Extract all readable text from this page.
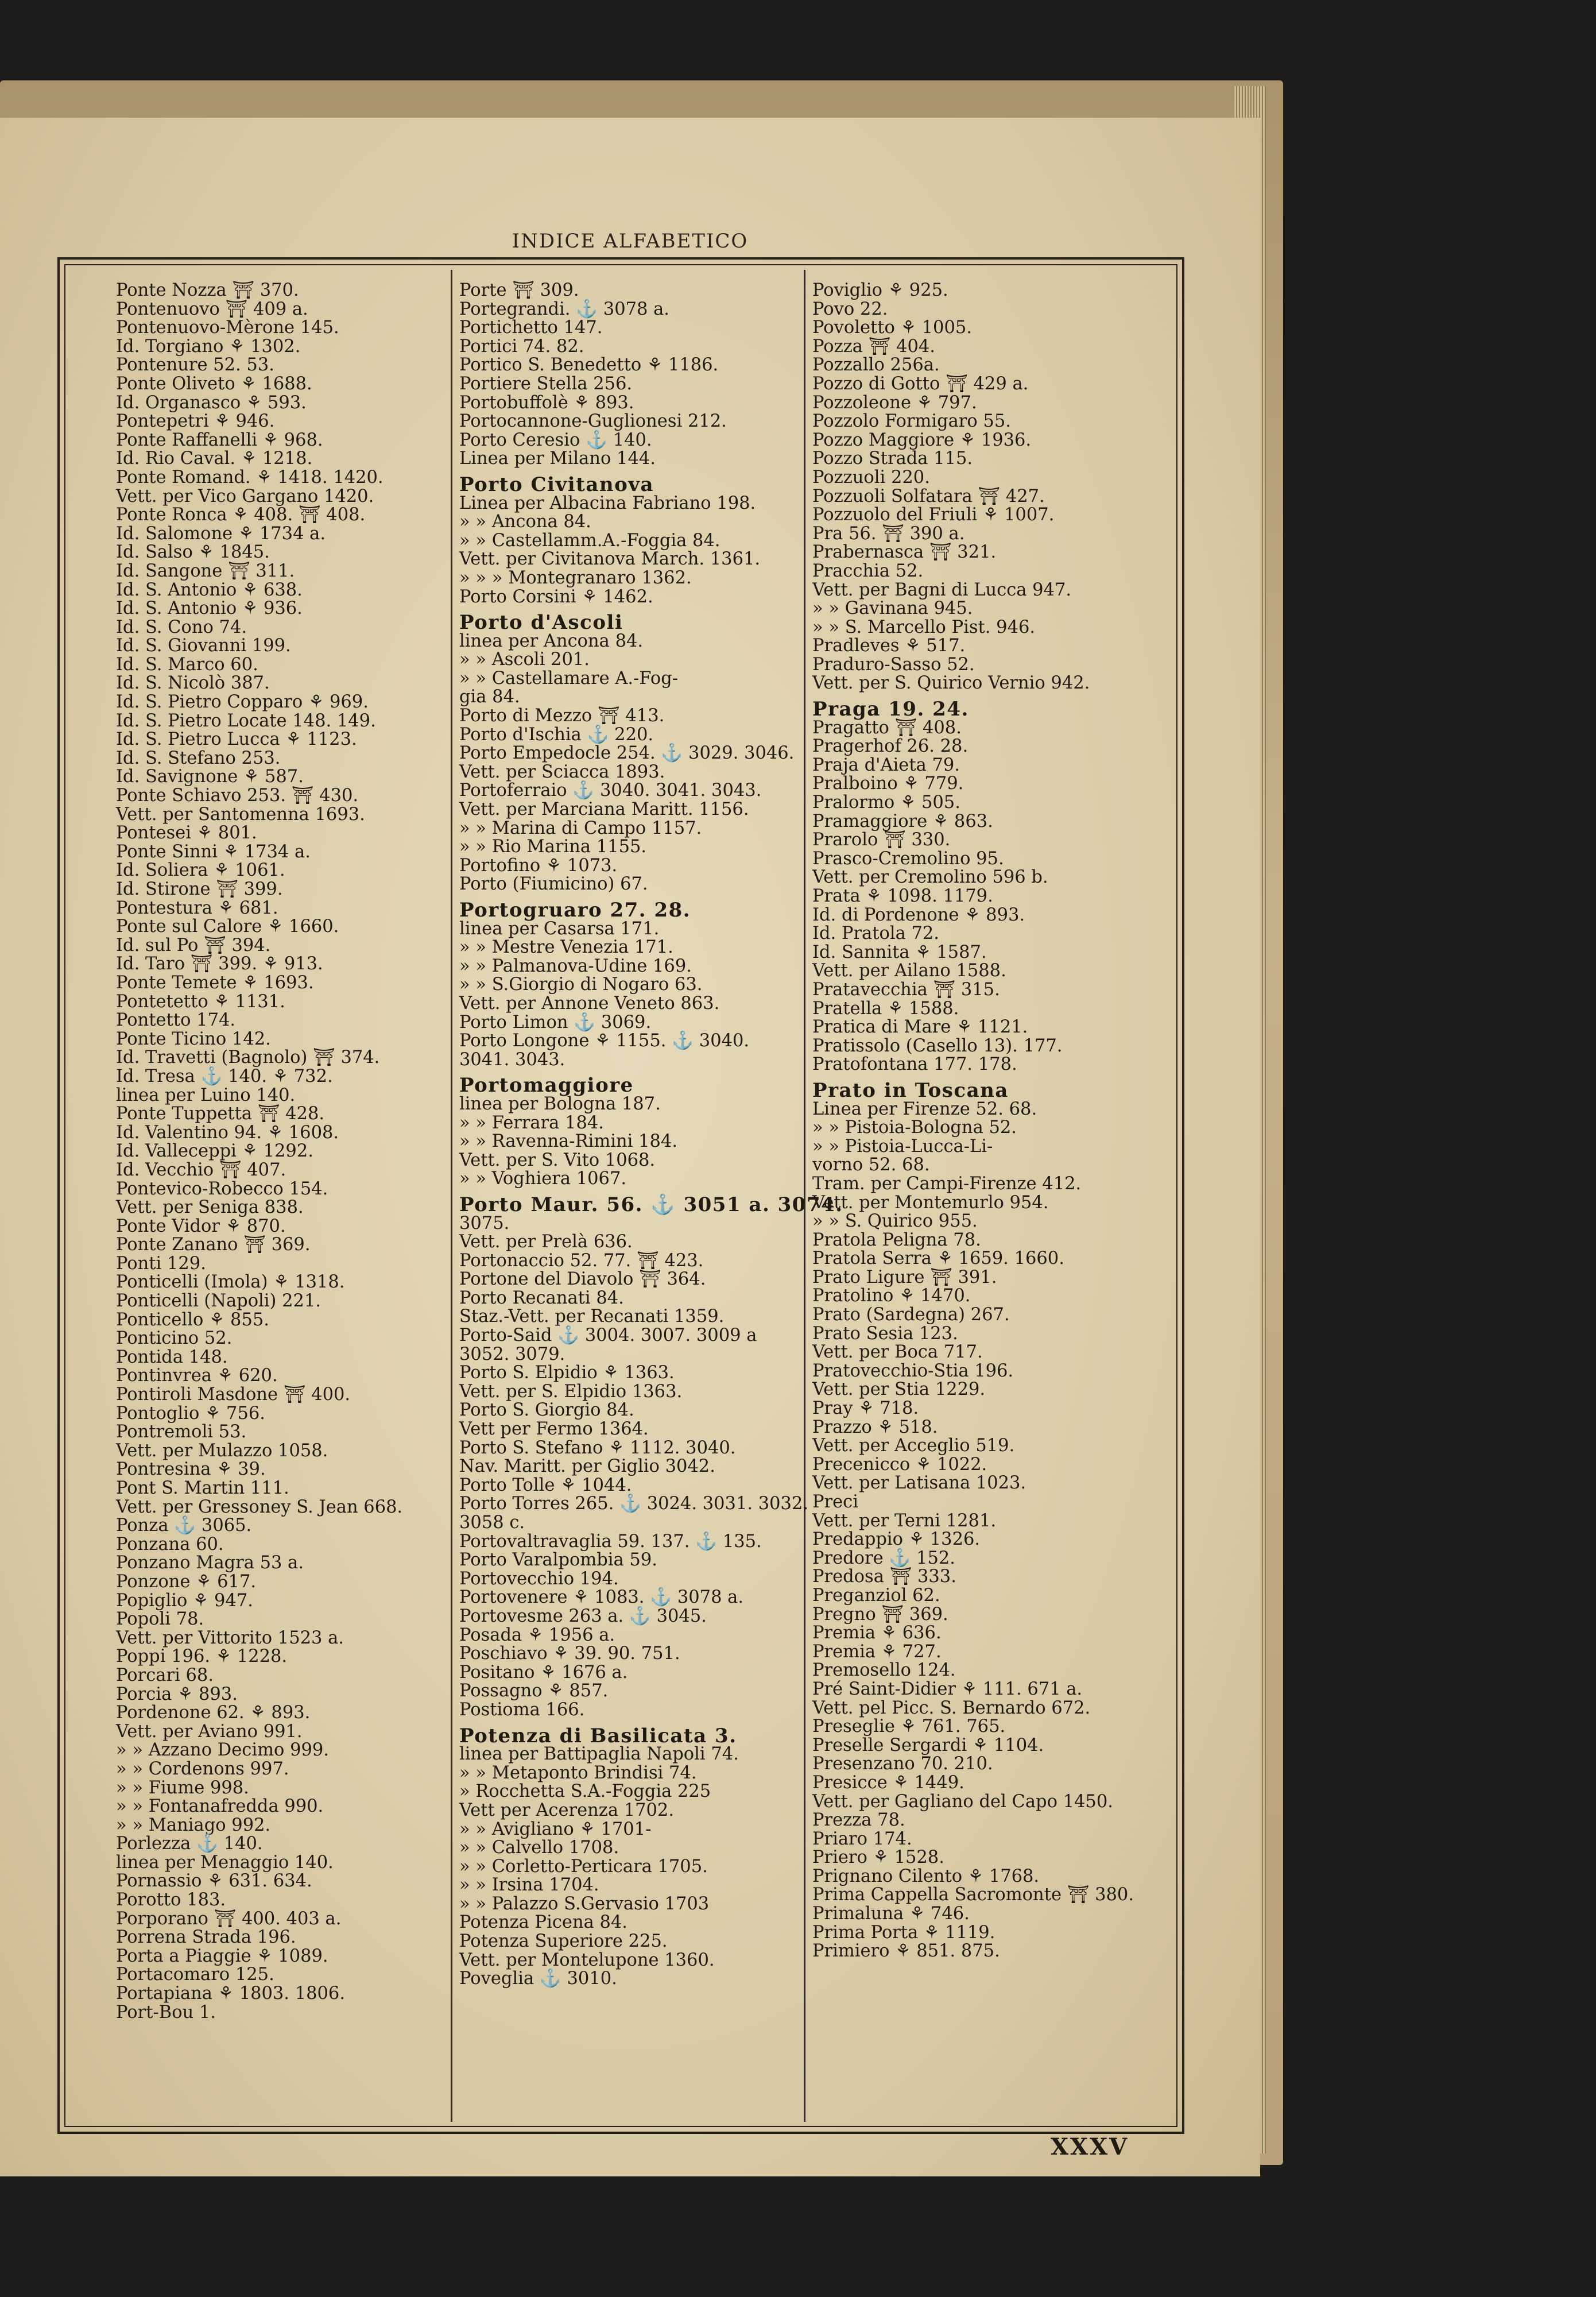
INDICE ALFABETICO
Ponte Nozza ⛩ 370.
Pontenuovo ⛩ 409 a.
Pontenuovo-Mèrone 145.
Id. Torgiano ⚘ 1302.
Pontenure 52. 53.
Ponte Oliveto ⚘ 1688.
Id. Organasco ⚘ 593.
Pontepetri ⚘ 946.
Ponte Raffanelli ⚘ 968.
Id. Rio Caval. ⚘ 1218.
Ponte Romand. ⚘ 1418. 1420.
Vett. per Vico Gargano 1420.
Ponte Ronca ⚘ 408. ⛩ 408.
Id. Salomone ⚘ 1734 a.
Id. Salso ⚘ 1845.
Id. Sangone ⛩ 311.
Id. S. Antonio ⚘ 638.
Id. S. Antonio ⚘ 936.
Id. S. Cono 74.
Id. S. Giovanni 199.
Id. S. Marco 60.
Id. S. Nicolò 387.
Id. S. Pietro Copparo ⚘ 969.
Id. S. Pietro Locate 148. 149.
Id. S. Pietro Lucca ⚘ 1123.
Id. S. Stefano 253.
Id. Savignone ⚘ 587.
Ponte Schiavo 253. ⛩ 430.
Vett. per Santomenna 1693.
Pontesei ⚘ 801.
Ponte Sinni ⚘ 1734 a.
Id. Soliera ⚘ 1061.
Id. Stirone ⛩ 399.
Pontestura ⚘ 681.
Ponte sul Calore ⚘ 1660.
Id. sul Po ⛩ 394.
Id. Taro ⛩ 399. ⚘ 913.
Ponte Temete ⚘ 1693.
Pontetetto ⚘ 1131.
Pontetto 174.
Ponte Ticino 142.
Id. Travetti (Bagnolo) ⛩ 374.
Id. Tresa ⚓ 140. ⚘ 732.
linea per Luino 140.
Ponte Tuppetta ⛩ 428.
Id. Valentino 94. ⚘ 1608.
Id. Valleceppi ⚘ 1292.
Id. Vecchio ⛩ 407.
Pontevico-Robecco 154.
Vett. per Seniga 838.
Ponte Vidor ⚘ 870.
Ponte Zanano ⛩ 369.
Ponti 129.
Ponticelli (Imola) ⚘ 1318.
Ponticelli (Napoli) 221.
Ponticello ⚘ 855.
Ponticino 52.
Pontida 148.
Pontinvrea ⚘ 620.
Pontiroli Masdone ⛩ 400.
Pontoglio ⚘ 756.
Pontremoli 53.
Vett. per Mulazzo 1058.
Pontresina ⚘ 39.
Pont S. Martin 111.
Vett. per Gressoney S. Jean 668.
Ponza ⚓ 3065.
Ponzana 60.
Ponzano Magra 53 a.
Ponzone ⚘ 617.
Popiglio ⚘ 947.
Popoli 78.
Vett. per Vittorito 1523 a.
Poppi 196. ⚘ 1228.
Porcari 68.
Porcia ⚘ 893.
Pordenone 62. ⚘ 893.
Vett. per Aviano 991.
» » Azzano Decimo 999.
» » Cordenons 997.
» » Fiume 998.
» » Fontanafredda 990.
» » Maniago 992.
Porlezza ⚓ 140.
linea per Menaggio 140.
Pornassio ⚘ 631. 634.
Porotto 183.
Porporano ⛩ 400. 403 a.
Porrena Strada 196.
Porta a Piaggie ⚘ 1089.
Portacomaro 125.
Portapiana ⚘ 1803. 1806.
Port-Bou 1.
Porte ⛩ 309.
Portegrandi. ⚓ 3078 a.
Portichetto 147.
Portici 74. 82.
Portico S. Benedetto ⚘ 1186.
Portiere Stella 256.
Portobuffolè ⚘ 893.
Portocannone-Guglionesi 212.
Porto Ceresio ⚓ 140.
Linea per Milano 144.
Porto Civitanova
Linea per Albacina Fabriano 198.
» » Ancona 84.
» » Castellamm.A.-Foggia 84.
Vett. per Civitanova March. 1361.
» » » Montegranaro 1362.
Porto Corsini ⚘ 1462.
Porto d'Ascoli
linea per Ancona 84.
» » Ascoli 201.
» » Castellamare A.-Fog-
gia 84.
Porto di Mezzo ⛩ 413.
Porto d'Ischia ⚓ 220.
Porto Empedocle 254. ⚓ 3029. 3046.
Vett. per Sciacca 1893.
Portoferraio ⚓ 3040. 3041. 3043.
Vett. per Marciana Maritt. 1156.
» » Marina di Campo 1157.
» » Rio Marina 1155.
Portofino ⚘ 1073.
Porto (Fiumicino) 67.
Portogruaro 27. 28.
linea per Casarsa 171.
» » Mestre Venezia 171.
» » Palmanova-Udine 169.
» » S.Giorgio di Nogaro 63.
Vett. per Annone Veneto 863.
Porto Limon ⚓ 3069.
Porto Longone ⚘ 1155. ⚓ 3040.
3041. 3043.
Portomaggiore
linea per Bologna 187.
» » Ferrara 184.
» » Ravenna-Rimini 184.
Vett. per S. Vito 1068.
» » Voghiera 1067.
Porto Maur. 56. ⚓ 3051 a. 3074.
3075.
Vett. per Prelà 636.
Portonaccio 52. 77. ⛩ 423.
Portone del Diavolo ⛩ 364.
Porto Recanati 84.
Staz.-Vett. per Recanati 1359.
Porto-Said ⚓ 3004. 3007. 3009 a
3052. 3079.
Porto S. Elpidio ⚘ 1363.
Vett. per S. Elpidio 1363.
Porto S. Giorgio 84.
Vett per Fermo 1364.
Porto S. Stefano ⚘ 1112. 3040.
Nav. Maritt. per Giglio 3042.
Porto Tolle ⚘ 1044.
Porto Torres 265. ⚓ 3024. 3031. 3032.
3058 c.
Portovaltravaglia 59. 137. ⚓ 135.
Porto Varalpombia 59.
Portovecchio 194.
Portovenere ⚘ 1083. ⚓ 3078 a.
Portovesme 263 a. ⚓ 3045.
Posada ⚘ 1956 a.
Poschiavo ⚘ 39. 90. 751.
Positano ⚘ 1676 a.
Possagno ⚘ 857.
Postioma 166.
Potenza di Basilicata 3.
linea per Battipaglia Napoli 74.
» » Metaponto Brindisi 74.
» Rocchetta S.A.-Foggia 225
Vett per Acerenza 1702.
» » Avigliano ⚘ 1701-
» » Calvello 1708.
» » Corletto-Perticara 1705.
» » Irsina 1704.
» » Palazzo S.Gervasio 1703
Potenza Picena 84.
Potenza Superiore 225.
Vett. per Montelupone 1360.
Poveglia ⚓ 3010.
Poviglio ⚘ 925.
Povo 22.
Povoletto ⚘ 1005.
Pozza ⛩ 404.
Pozzallo 256a.
Pozzo di Gotto ⛩ 429 a.
Pozzoleone ⚘ 797.
Pozzolo Formigaro 55.
Pozzo Maggiore ⚘ 1936.
Pozzo Strada 115.
Pozzuoli 220.
Pozzuoli Solfatara ⛩ 427.
Pozzuolo del Friuli ⚘ 1007.
Pra 56. ⛩ 390 a.
Prabernasca ⛩ 321.
Pracchia 52.
Vett. per Bagni di Lucca 947.
» » Gavinana 945.
» » S. Marcello Pist. 946.
Pradleves ⚘ 517.
Praduro-Sasso 52.
Vett. per S. Quirico Vernio 942.
Praga 19. 24.
Pragatto ⛩ 408.
Pragerhof 26. 28.
Praja d'Aieta 79.
Pralboino ⚘ 779.
Pralormo ⚘ 505.
Pramaggiore ⚘ 863.
Prarolo ⛩ 330.
Prasco-Cremolino 95.
Vett. per Cremolino 596 b.
Prata ⚘ 1098. 1179.
Id. di Pordenone ⚘ 893.
Id. Pratola 72.
Id. Sannita ⚘ 1587.
Vett. per Ailano 1588.
Pratavecchia ⛩ 315.
Pratella ⚘ 1588.
Pratica di Mare ⚘ 1121.
Pratissolo (Casello 13). 177.
Pratofontana 177. 178.
Prato in Toscana
Linea per Firenze 52. 68.
» » Pistoia-Bologna 52.
» » Pistoia-Lucca-Li-
vorno 52. 68.
Tram. per Campi-Firenze 412.
Vett. per Montemurlo 954.
» » S. Quirico 955.
Pratola Peligna 78.
Pratola Serra ⚘ 1659. 1660.
Prato Ligure ⛩ 391.
Pratolino ⚘ 1470.
Prato (Sardegna) 267.
Prato Sesia 123.
Vett. per Boca 717.
Pratovecchio-Stia 196.
Vett. per Stia 1229.
Pray ⚘ 718.
Prazzo ⚘ 518.
Vett. per Acceglio 519.
Precenicco ⚘ 1022.
Vett. per Latisana 1023.
Preci
Vett. per Terni 1281.
Predappio ⚘ 1326.
Predore ⚓ 152.
Predosa ⛩ 333.
Preganziol 62.
Pregno ⛩ 369.
Premia ⚘ 636.
Premia ⚘ 727.
Premosello 124.
Pré Saint-Didier ⚘ 111. 671 a.
Vett. pel Picc. S. Bernardo 672.
Preseglie ⚘ 761. 765.
Preselle Sergardi ⚘ 1104.
Presenzano 70. 210.
Presicce ⚘ 1449.
Vett. per Gagliano del Capo 1450.
Prezza 78.
Priaro 174.
Priero ⚘ 1528.
Prignano Cilento ⚘ 1768.
Prima Cappella Sacromonte ⛩ 380.
Primaluna ⚘ 746.
Prima Porta ⚘ 1119.
Primiero ⚘ 851. 875.
XXXV
